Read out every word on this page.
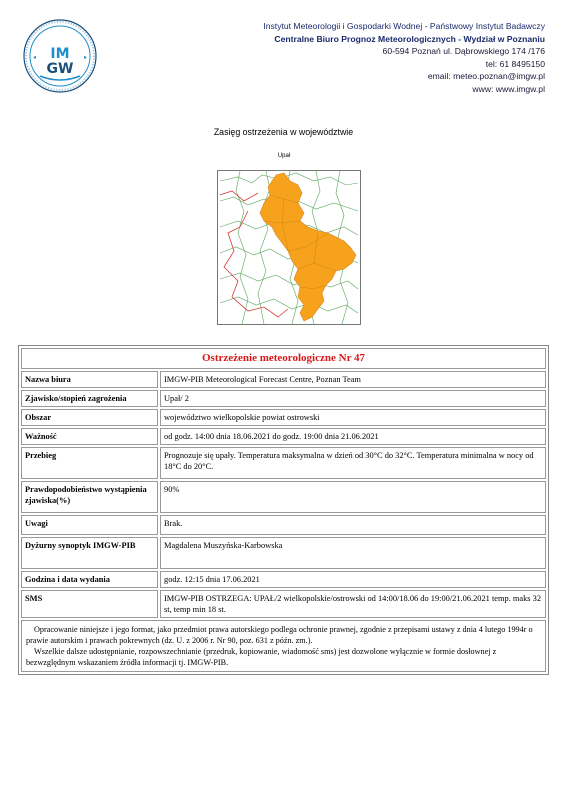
IM
GW
Instytut Meteorologii i Gospodarki Wodnej - Państwowy Instytut Badawczy
Centralne Biuro Prognoz Meteorologicznych - Wydział w Poznaniu
60-594 Poznań ul. Dąbrowskiego 174 /176
tel: 61 8495150
email: meteo.poznan@imgw.pl
www: www.imgw.pl
Zasięg ostrzeżenia w województwie
Upał
Ostrzeżenie meteorologiczne Nr 47	
Nazwa biura	IMGW-PIB Meteorological Forecast Centre, Poznan Team
Zjawisko/stopień zagrożenia	Upał/ 2
Obszar	województwo wielkopolskie powiat ostrowski
Ważność	od godz. 14:00 dnia 18.06.2021 do godz. 19:00 dnia 21.06.2021
Przebieg	Prognozuje się upały. Temperatura maksymalna w dzień od 30°C do 32°C. Temperatura minimalna w nocy od 18°C do 20°C.
Prawdopodobieństwo wystąpienia zjawiska(%)	90%
Uwagi	Brak.
Dyżurny synoptyk IMGW-PIB	Magdalena Muszyńska-Karbowska
Godzina i data wydania	godz. 12:15 dnia 17.06.2021
SMS	IMGW-PIB OSTRZEGA: UPAŁ/2 wielkopolskie/ostrowski od 14:00/18.06 do 19:00/21.06.2021 temp. maks 32 st, temp min 18 st.

Opracowanie niniejsze i jego format, jako przedmiot prawa autorskiego podlega ochronie prawnej, zgodnie z przepisami ustawy z dnia 4 lutego 1994r o prawie autorskim i prawach pokrewnych (dz. U. z 2006 r. Nr 90, poz. 631 z późn. zm.).

Wszelkie dalsze udostępnianie, rozpowszechnianie (przedruk, kopiowanie, wiadomość sms) jest dozwolone wyłącznie w formie dosłownej z bezwzględnym wskazaniem źródła informacji tj. IMGW-PIB.	
